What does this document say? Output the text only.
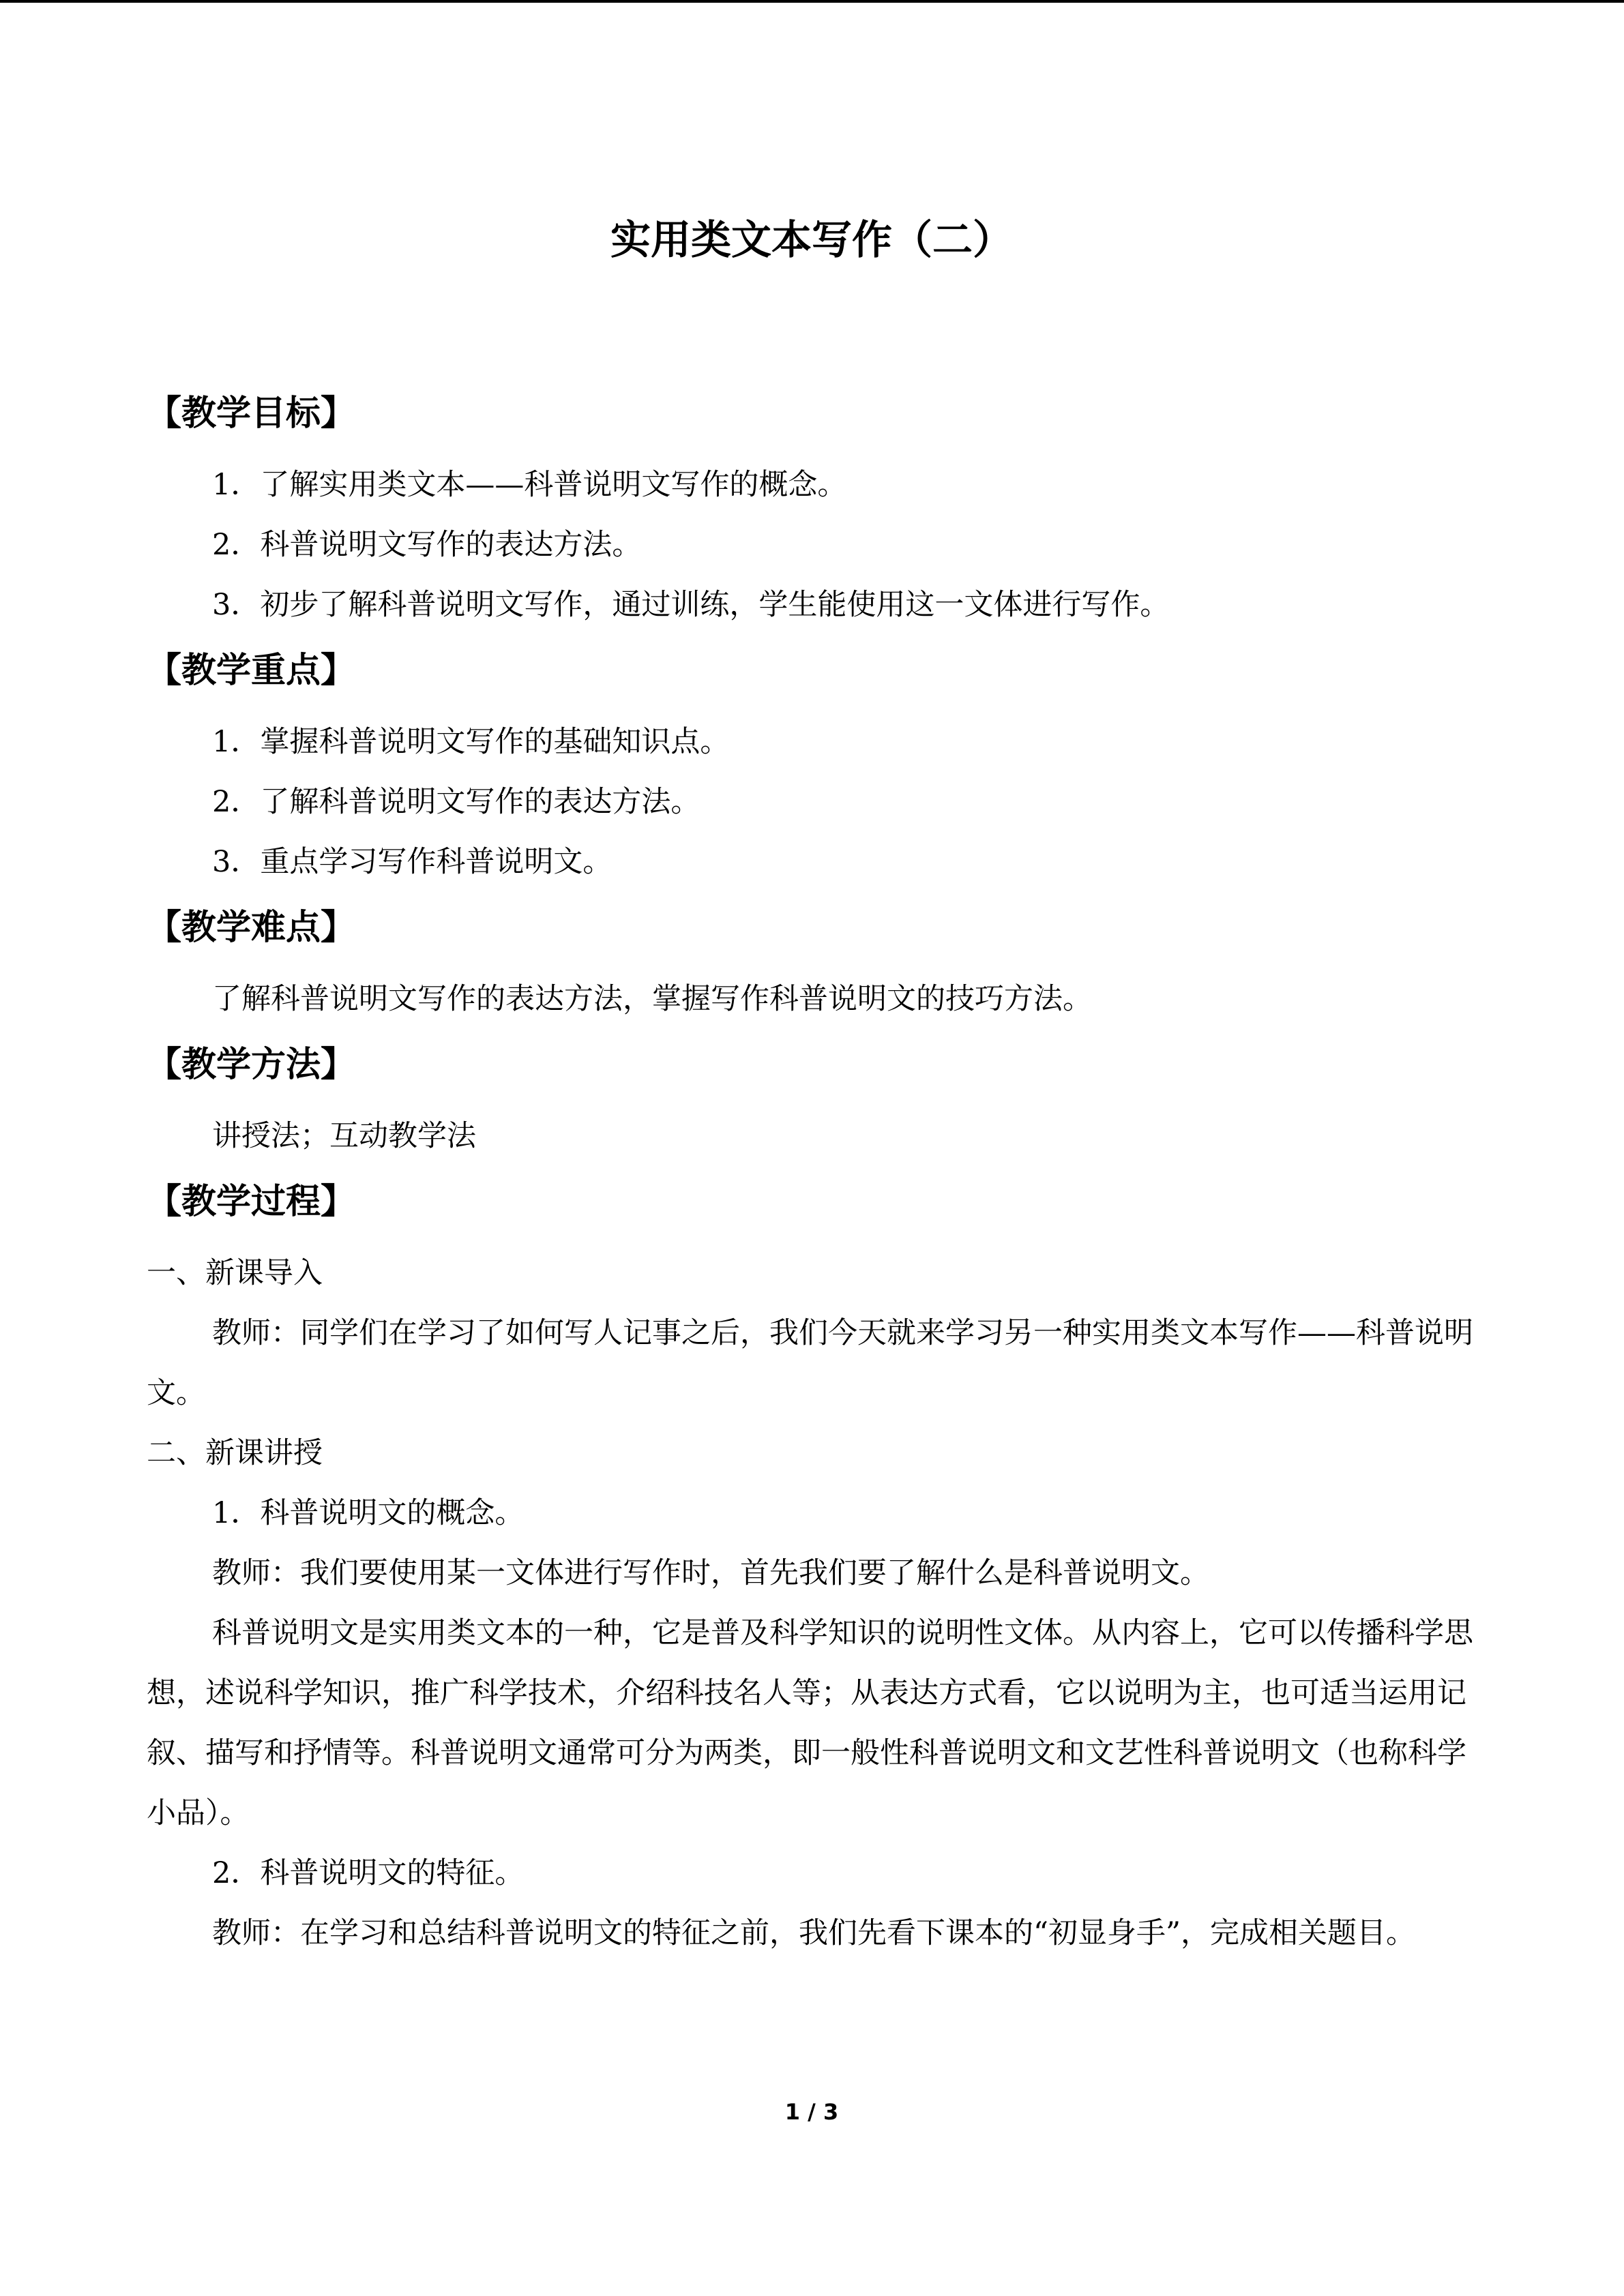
实用类文本写作（二）
【教学目标】

1．了解实用类文本——科普说明文写作的概念。

2．科普说明文写作的表达方法。

3．初步了解科普说明文写作，通过训练，学生能使用这一文体进行写作。

【教学重点】

1．掌握科普说明文写作的基础知识点。

2．了解科普说明文写作的表达方法。

3．重点学习写作科普说明文。

【教学难点】

了解科普说明文写作的表达方法，掌握写作科普说明文的技巧方法。

【教学方法】

讲授法；互动教学法

【教学过程】

一、新课导入

教师：同学们在学习了如何写人记事之后，我们今天就来学习另一种实用类文本写作——科普说明文。

二、新课讲授

1．科普说明文的概念。

教师：我们要使用某一文体进行写作时，首先我们要了解什么是科普说明文。

科普说明文是实用类文本的一种，它是普及科学知识的说明性文体。从内容上，它可以传播科学思想，述说科学知识，推广科学技术，介绍科技名人等；从表达方式看，它以说明为主，也可适当运用记叙、描写和抒情等。科普说明文通常可分为两类，即一般性科普说明文和文艺性科普说明文（也称科学小品）。

2．科普说明文的特征。

教师：在学习和总结科普说明文的特征之前，我们先看下课本的“初显身手”，完成相关题目。

1 / 3
